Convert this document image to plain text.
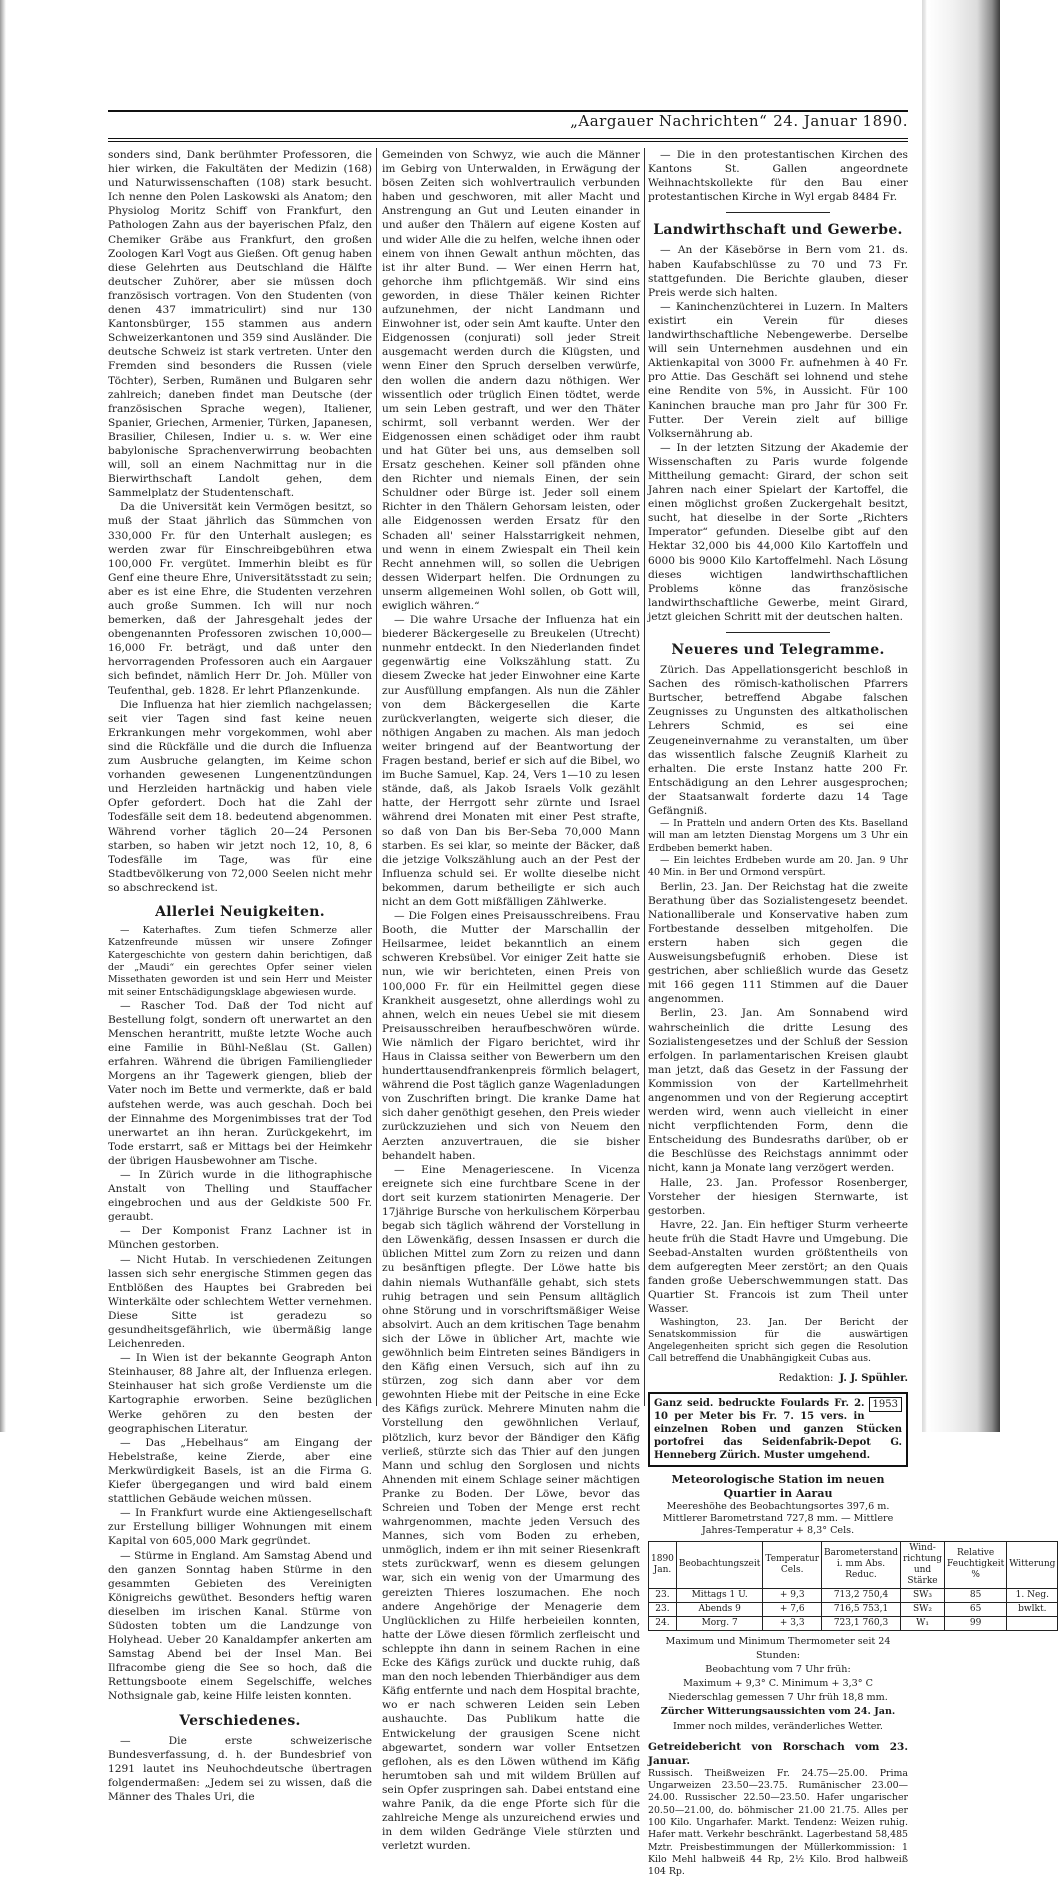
„Aargauer Nachrichten“ 24. Januar 1890.

sonders sind, Dank berühmter Professoren, die hier wirken, die Fakultäten der Medizin (168) und Naturwissenschaften (108) stark besucht. Ich nenne den Polen Laskowski als Anatom; den Physiolog Moritz Schiff von Frankfurt, den Pathologen Zahn aus der bayerischen Pfalz, den Chemiker Gräbe aus Frankfurt, den großen Zoologen Karl Vogt aus Gießen. Oft genug haben diese Gelehrten aus Deutschland die Hälfte deutscher Zuhörer, aber sie müssen doch französisch vortragen. Von den Studenten (von denen 437 immatriculirt) sind nur 130 Kantonsbürger, 155 stammen aus andern Schweizerkantonen und 359 sind Ausländer. Die deutsche Schweiz ist stark vertreten. Unter den Fremden sind besonders die Russen (viele Töchter), Serben, Rumänen und Bulgaren sehr zahlreich; daneben findet man Deutsche (der französischen Sprache wegen), Italiener, Spanier, Griechen, Armenier, Türken, Japanesen, Brasilier, Chilesen, Indier u. s. w. Wer eine babylonische Sprachenverwirrung beobachten will, soll an einem Nachmittag nur in die Bierwirthschaft Landolt gehen, dem Sammelplatz der Studentenschaft.

Da die Universität kein Vermögen besitzt, so muß der Staat jährlich das Sümmchen von 330,000 Fr. für den Unterhalt auslegen; es werden zwar für Einschreibgebühren etwa 100,000 Fr. vergütet. Immerhin bleibt es für Genf eine theure Ehre, Universitätsstadt zu sein; aber es ist eine Ehre, die Studenten verzehren auch große Summen. Ich will nur noch bemerken, daß der Jahresgehalt jedes der obengenannten Professoren zwischen 10,000—16,000 Fr. beträgt, und daß unter den hervorragenden Professoren auch ein Aargauer sich befindet, nämlich Herr Dr. Joh. Müller von Teufenthal, geb. 1828. Er lehrt Pflanzenkunde.

Die Influenza hat hier ziemlich nachgelassen; seit vier Tagen sind fast keine neuen Erkrankungen mehr vorgekommen, wohl aber sind die Rückfälle und die durch die Influenza zum Ausbruche gelangten, im Keime schon vorhanden gewesenen Lungenentzündungen und Herzleiden hartnäckig und haben viele Opfer gefordert. Doch hat die Zahl der Todesfälle seit dem 18. bedeutend abgenommen. Während vorher täglich 20—24 Personen starben, so haben wir jetzt noch 12, 10, 8, 6 Todesfälle im Tage, was für eine Stadtbevölkerung von 72,000 Seelen nicht mehr so abschreckend ist.

Allerlei Neuigkeiten.

— Katerhaftes. Zum tiefen Schmerze aller Katzenfreunde müssen wir unsere Zofinger Katergeschichte von gestern dahin berichtigen, daß der „Maudi“ ein gerechtes Opfer seiner vielen Missethaten geworden ist und sein Herr und Meister mit seiner Entschädigungsklage abgewiesen wurde.

— Rascher Tod. Daß der Tod nicht auf Bestellung folgt, sondern oft unerwartet an den Menschen herantritt, mußte letzte Woche auch eine Familie in Bühl-Neßlau (St. Gallen) erfahren. Während die übrigen Familienglieder Morgens an ihr Tagewerk giengen, blieb der Vater noch im Bette und vermerkte, daß er bald aufstehen werde, was auch geschah. Doch bei der Einnahme des Morgenimbisses trat der Tod unerwartet an ihn heran. Zurückgekehrt, im Tode erstarrt, saß er Mittags bei der Heimkehr der übrigen Hausbewohner am Tische.

— In Zürich wurde in die lithographische Anstalt von Thelling und Stauffacher eingebrochen und aus der Geldkiste 500 Fr. geraubt.

— Der Komponist Franz Lachner ist in München gestorben.

— Nicht Hutab. In verschiedenen Zeitungen lassen sich sehr energische Stimmen gegen das Entblößen des Hauptes bei Grabreden bei Winterkälte oder schlechtem Wetter vernehmen. Diese Sitte ist geradezu so gesundheitsgefährlich, wie übermäßig lange Leichenreden.

— In Wien ist der bekannte Geograph Anton Steinhauser, 88 Jahre alt, der Influenza erlegen. Steinhauser hat sich große Verdienste um die Kartographie erworben. Seine bezüglichen Werke gehören zu den besten der geographischen Literatur.

— Das „Hebelhaus“ am Eingang der Hebelstraße, keine Zierde, aber eine Merkwürdigkeit Basels, ist an die Firma G. Kiefer übergegangen und wird bald einem stattlichen Gebäude weichen müssen.

— In Frankfurt wurde eine Aktiengesellschaft zur Erstellung billiger Wohnungen mit einem Kapital von 605,000 Mark gegründet.

— Stürme in England. Am Samstag Abend und den ganzen Sonntag haben Stürme in den gesammten Gebieten des Vereinigten Königreichs gewüthet. Besonders heftig waren dieselben im irischen Kanal. Stürme von Südosten tobten um die Landzunge von Holyhead. Ueber 20 Kanaldampfer ankerten am Samstag Abend bei der Insel Man. Bei Ilfracombe gieng die See so hoch, daß die Rettungsboote einem Segelschiffe, welches Nothsignale gab, keine Hilfe leisten konnten.

Verschiedenes.

— Die erste schweizerische Bundesverfassung, d. h. der Bundesbrief von 1291 lautet ins Neuhochdeutsche übertragen folgendermaßen: „Jedem sei zu wissen, daß die Männer des Thales Uri, die

Gemeinden von Schwyz, wie auch die Männer im Gebirg von Unterwalden, in Erwägung der bösen Zeiten sich wohlvertraulich verbunden haben und geschworen, mit aller Macht und Anstrengung an Gut und Leuten einander in und außer den Thälern auf eigene Kosten auf und wider Alle die zu helfen, welche ihnen oder einem von ihnen Gewalt anthun möchten, das ist ihr alter Bund. — Wer einen Herrn hat, gehorche ihm pflichtgemäß. Wir sind eins geworden, in diese Thäler keinen Richter aufzunehmen, der nicht Landmann und Einwohner ist, oder sein Amt kaufte. Unter den Eidgenossen (conjurati) soll jeder Streit ausgemacht werden durch die Klügsten, und wenn Einer den Spruch derselben verwürfe, den wollen die andern dazu nöthigen. Wer wissentlich oder trüglich Einen tödtet, werde um sein Leben gestraft, und wer den Thäter schirmt, soll verbannt werden. Wer der Eidgenossen einen schädiget oder ihm raubt und hat Güter bei uns, aus demselben soll Ersatz geschehen. Keiner soll pfänden ohne den Richter und niemals Einen, der sein Schuldner oder Bürge ist. Jeder soll einem Richter in den Thälern Gehorsam leisten, oder alle Eidgenossen werden Ersatz für den Schaden all' seiner Halsstarrigkeit nehmen, und wenn in einem Zwiespalt ein Theil kein Recht annehmen will, so sollen die Uebrigen dessen Widerpart helfen. Die Ordnungen zu unserm allgemeinen Wohl sollen, ob Gott will, ewiglich währen.“

— Die wahre Ursache der Influenza hat ein biederer Bäckergeselle zu Breukelen (Utrecht) nunmehr entdeckt. In den Niederlanden findet gegenwärtig eine Volkszählung statt. Zu diesem Zwecke hat jeder Einwohner eine Karte zur Ausfüllung empfangen. Als nun die Zähler von dem Bäckergesellen die Karte zurückverlangten, weigerte sich dieser, die nöthigen Angaben zu machen. Als man jedoch weiter bringend auf der Beantwortung der Fragen bestand, berief er sich auf die Bibel, wo im Buche Samuel, Kap. 24, Vers 1—10 zu lesen stände, daß, als Jakob Israels Volk gezählt hatte, der Herrgott sehr zürnte und Israel während drei Monaten mit einer Pest strafte, so daß von Dan bis Ber-Seba 70,000 Mann starben. Es sei klar, so meinte der Bäcker, daß die jetzige Volkszählung auch an der Pest der Influenza schuld sei. Er wollte dieselbe nicht bekommen, darum betheiligte er sich auch nicht an dem Gott mißfälligen Zählwerke.

— Die Folgen eines Preisausschreibens. Frau Booth, die Mutter der Marschallin der Heilsarmee, leidet bekanntlich an einem schweren Krebsübel. Vor einiger Zeit hatte sie nun, wie wir berichteten, einen Preis von 100,000 Fr. für ein Heilmittel gegen diese Krankheit ausgesetzt, ohne allerdings wohl zu ahnen, welch ein neues Uebel sie mit diesem Preisausschreiben heraufbeschwören würde. Wie nämlich der Figaro berichtet, wird ihr Haus in Claissa seither von Bewerbern um den hunderttausendfrankenpreis förmlich belagert, während die Post täglich ganze Wagenladungen von Zuschriften bringt. Die kranke Dame hat sich daher genöthigt gesehen, den Preis wieder zurückzuziehen und sich von Neuem den Aerzten anzuvertrauen, die sie bisher behandelt haben.

— Eine Menageriescene. In Vicenza ereignete sich eine furchtbare Scene in der dort seit kurzem stationirten Menagerie. Der 17jährige Bursche von herkulischem Körperbau begab sich täglich während der Vorstellung in den Löwenkäfig, dessen Insassen er durch die üblichen Mittel zum Zorn zu reizen und dann zu besänftigen pflegte. Der Löwe hatte bis dahin niemals Wuthanfälle gehabt, sich stets ruhig betragen und sein Pensum alltäglich ohne Störung und in vorschriftsmäßiger Weise absolvirt. Auch an dem kritischen Tage benahm sich der Löwe in üblicher Art, machte wie gewöhnlich beim Eintreten seines Bändigers in den Käfig einen Versuch, sich auf ihn zu stürzen, zog sich dann aber vor dem gewohnten Hiebe mit der Peitsche in eine Ecke des Käfigs zurück. Mehrere Minuten nahm die Vorstellung den gewöhnlichen Verlauf, plötzlich, kurz bevor der Bändiger den Käfig verließ, stürzte sich das Thier auf den jungen Mann und schlug den Sorglosen und nichts Ahnenden mit einem Schlage seiner mächtigen Pranke zu Boden. Der Löwe, bevor das Schreien und Toben der Menge erst recht wahrgenommen, machte jeden Versuch des Mannes, sich vom Boden zu erheben, unmöglich, indem er ihn mit seiner Riesenkraft stets zurückwarf, wenn es diesem gelungen war, sich ein wenig von der Umarmung des gereizten Thieres loszumachen. Ehe noch andere Angehörige der Menagerie dem Unglücklichen zu Hilfe herbeieilen konnten, hatte der Löwe diesen förmlich zerfleischt und schleppte ihn dann in seinem Rachen in eine Ecke des Käfigs zurück und duckte ruhig, daß man den noch lebenden Thierbändiger aus dem Käfig entfernte und nach dem Hospital brachte, wo er nach schweren Leiden sein Leben aushauchte. Das Publikum hatte die Entwickelung der grausigen Scene nicht abgewartet, sondern war voller Entsetzen geflohen, als es den Löwen wüthend im Käfig herumtoben sah und mit wildem Brüllen auf sein Opfer zuspringen sah. Dabei entstand eine wahre Panik, da die enge Pforte sich für die zahlreiche Menge als unzureichend erwies und in dem wilden Gedränge Viele stürzten und verletzt wurden.

— Die in den protestantischen Kirchen des Kantons St. Gallen angeordnete Weihnachtskollekte für den Bau einer protestantischen Kirche in Wyl ergab 8484 Fr.

Landwirthschaft und Gewerbe.

— An der Käsebörse in Bern vom 21. ds. haben Kaufabschlüsse zu 70 und 73 Fr. stattgefunden. Die Berichte glauben, dieser Preis werde sich halten.

— Kaninchenzüchterei in Luzern. In Malters existirt ein Verein für dieses landwirthschaftliche Nebengewerbe. Derselbe will sein Unternehmen ausdehnen und ein Aktienkapital von 3000 Fr. aufnehmen à 40 Fr. pro Attie. Das Geschäft sei lohnend und stehe eine Rendite von 5%, in Aussicht. Für 100 Kaninchen brauche man pro Jahr für 300 Fr. Futter. Der Verein zielt auf billige Volksernährung ab.

— In der letzten Sitzung der Akademie der Wissenschaften zu Paris wurde folgende Mittheilung gemacht: Girard, der schon seit Jahren nach einer Spielart der Kartoffel, die einen möglichst großen Zuckergehalt besitzt, sucht, hat dieselbe in der Sorte „Richters Imperator“ gefunden. Dieselbe gibt auf den Hektar 32,000 bis 44,000 Kilo Kartoffeln und 6000 bis 9000 Kilo Kartoffelmehl. Nach Lösung dieses wichtigen landwirthschaftlichen Problems könne das französische landwirthschaftliche Gewerbe, meint Girard, jetzt gleichen Schritt mit der deutschen halten.

Neueres und Telegramme.

Zürich. Das Appellationsgericht beschloß in Sachen des römisch-katholischen Pfarrers Burtscher, betreffend Abgabe falschen Zeugnisses zu Ungunsten des altkatholischen Lehrers Schmid, es sei eine Zeugeneinvernahme zu veranstalten, um über das wissentlich falsche Zeugniß Klarheit zu erhalten. Die erste Instanz hatte 200 Fr. Entschädigung an den Lehrer ausgesprochen; der Staatsanwalt forderte dazu 14 Tage Gefängniß.

— In Pratteln und andern Orten des Kts. Baselland will man am letzten Dienstag Morgens um 3 Uhr ein Erdbeben bemerkt haben.

— Ein leichtes Erdbeben wurde am 20. Jan. 9 Uhr 40 Min. in Ber und Ormond verspürt.

Berlin, 23. Jan. Der Reichstag hat die zweite Berathung über das Sozialistengesetz beendet. Nationalliberale und Konservative haben zum Fortbestande desselben mitgeholfen. Die erstern haben sich gegen die Ausweisungsbefugniß erhoben. Diese ist gestrichen, aber schließlich wurde das Gesetz mit 166 gegen 111 Stimmen auf die Dauer angenommen.

Berlin, 23. Jan. Am Sonnabend wird wahrscheinlich die dritte Lesung des Sozialistengesetzes und der Schluß der Session erfolgen. In parlamentarischen Kreisen glaubt man jetzt, daß das Gesetz in der Fassung der Kommission von der Kartellmehrheit angenommen und von der Regierung acceptirt werden wird, wenn auch vielleicht in einer nicht verpflichtenden Form, denn die Entscheidung des Bundesraths darüber, ob er die Beschlüsse des Reichstags annimmt oder nicht, kann ja Monate lang verzögert werden.

Halle, 23. Jan. Professor Rosenberger, Vorsteher der hiesigen Sternwarte, ist gestorben.

Havre, 22. Jan. Ein heftiger Sturm verheerte heute früh die Stadt Havre und Umgebung. Die Seebad-Anstalten wurden größtentheils von dem aufgeregten Meer zerstört; an den Quais fanden große Ueberschwemmungen statt. Das Quartier St. Francois ist zum Theil unter Wasser.

Washington, 23. Jan. Der Bericht der Senatskommission für die auswärtigen Angelegenheiten spricht sich gegen die Resolution Call betreffend die Unabhängigkeit Cubas aus.

Redaktion: J. J. Spühler.
1953
Ganz seid. bedruckte Foulards Fr. 2. 10 per Meter bis Fr. 7. 15 vers. in einzelnen Roben und ganzen Stücken portofrei das Seidenfabrik-Depot G. Henneberg Zürich. Muster umgehend.
Meteorologische Station im neuen Quartier in Aarau
Meereshöhe des Beobachtungsortes 397,6 m.
Mittlerer Barometrstand 727,8 mm. — Mittlere Jahres-Temperatur + 8,3° Cels.
1890 Jan.	Beobachtungszeit	Temperatur Cels.	Barometerstand i. mm Abs. Reduc.	Wind-richtung und Stärke	Relative Feuchtigkeit %	Witterung
23.	Mittags 1 U.	+ 9,3	713,2 750,4	SW₃	85	1. Neg.
23.	Abends 9	+ 7,6	716,5 753,1	SW₂	65	bwlkt.
24.	Morg. 7	+ 3,3	723,1 760,3	W₁	99	
Maximum und Minimum Thermometer seit 24 Stunden:
Beobachtung vom 7 Uhr früh:
Maximum + 9,3° C. Minimum + 3,3° C
Niederschlag gemessen 7 Uhr früh 18,8 mm.
Zürcher Witterungsaussichten vom 24. Jan.
Immer noch mildes, veränderliches Wetter.
Getreidebericht von Rorschach vom 23. Januar.

Russisch. Theißweizen Fr. 24.75—25.00. Prima Ungarweizen 23.50—23.75. Rumänischer 23.00—24.00. Russischer 22.50—23.50. Hafer ungarischer 20.50—21.00, do. böhmischer 21.00 21.75. Alles per 100 Kilo. Ungarhafer. Markt. Tendenz: Weizen ruhig. Hafer matt. Verkehr beschränkt. Lagerbestand 58,485 Mztr. Preisbestimmungen der Müllerkommission: 1 Kilo Mehl halbweiß 44 Rp, 2½ Kilo. Brod halbweiß 104 Rp.
